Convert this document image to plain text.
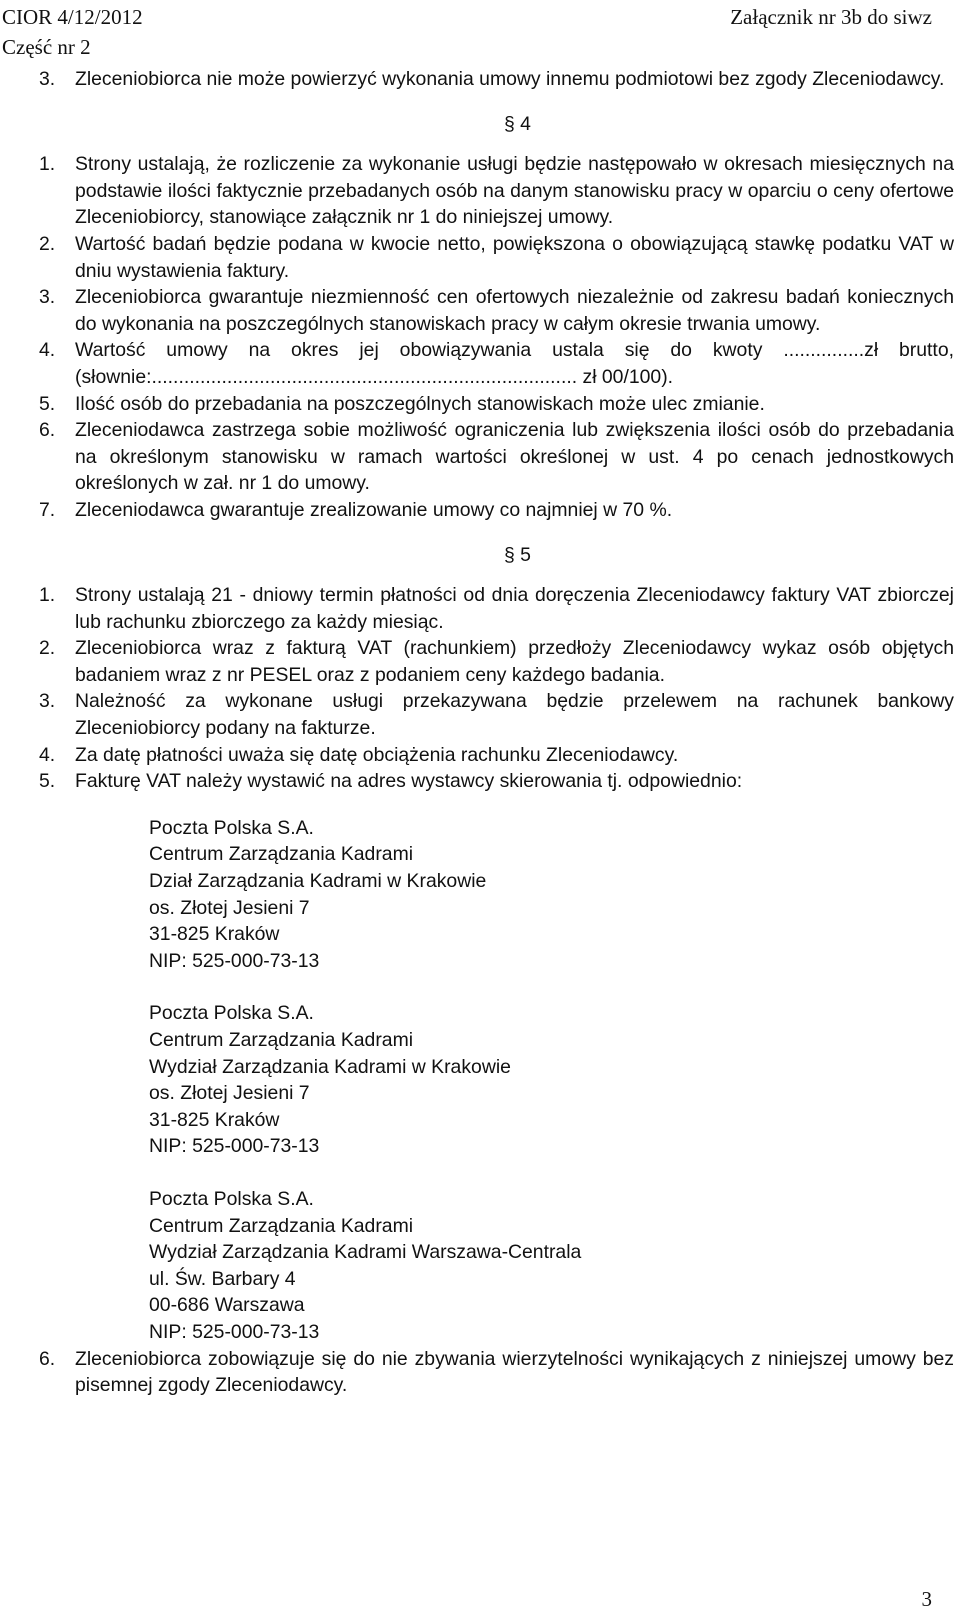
CIOR 4/12/2012
Część nr 2
Załącznik nr 3b do siwz
3. Zleceniobiorca nie może powierzyć wykonania umowy innemu podmiotowi bez zgody Zleceniodawcy.
§ 4
1. Strony ustalają, że rozliczenie za wykonanie usługi będzie następowało w okresach miesięcznych na podstawie ilości faktycznie przebadanych osób na danym stanowisku pracy w oparciu o ceny ofertowe Zleceniobiorcy, stanowiące załącznik nr 1 do niniejszej umowy.
2. Wartość badań będzie podana w kwocie netto, powiększona o obowiązującą stawkę podatku VAT w dniu wystawienia faktury.
3. Zleceniobiorca gwarantuje niezmienność cen ofertowych niezależnie od zakresu badań koniecznych do wykonania na poszczególnych stanowiskach pracy w całym okresie trwania umowy.
4. Wartość umowy na okres jej obowiązywania ustala się do kwoty ...............zł brutto, (słownie:............................................................................... zł 00/100).
5. Ilość osób do przebadania na poszczególnych stanowiskach może ulec zmianie.
6. Zleceniodawca zastrzega sobie możliwość ograniczenia lub zwiększenia ilości osób do przebadania na określonym stanowisku w ramach wartości określonej w ust. 4 po cenach jednostkowych określonych w zał. nr 1 do umowy.
7. Zleceniodawca gwarantuje zrealizowanie umowy co najmniej w 70 %.
§ 5
1. Strony ustalają 21 - dniowy termin płatności od dnia doręczenia Zleceniodawcy faktury VAT zbiorczej lub rachunku zbiorczego za każdy miesiąc.
2. Zleceniobiorca wraz z fakturą VAT (rachunkiem) przedłoży Zleceniodawcy wykaz osób objętych badaniem wraz z nr PESEL oraz z podaniem ceny każdego badania.
3. Należność za wykonane usługi przekazywana będzie przelewem na rachunek bankowy Zleceniobiorcy podany na fakturze.
4. Za datę płatności uważa się datę obciążenia rachunku Zleceniodawcy.
5. Fakturę VAT należy wystawić na adres wystawcy skierowania tj. odpowiednio:
Poczta Polska S.A.
Centrum Zarządzania Kadrami
Dział Zarządzania Kadrami w Krakowie
os. Złotej Jesieni 7
31-825 Kraków
NIP: 525-000-73-13
Poczta Polska S.A.
Centrum Zarządzania Kadrami
Wydział Zarządzania Kadrami w Krakowie
os. Złotej Jesieni 7
31-825 Kraków
NIP: 525-000-73-13
Poczta Polska S.A.
Centrum Zarządzania Kadrami
Wydział Zarządzania Kadrami Warszawa-Centrala
ul. Św. Barbary 4
00-686 Warszawa
NIP: 525-000-73-13
6. Zleceniobiorca zobowiązuje się do nie zbywania wierzytelności wynikających z niniejszej umowy bez pisemnej zgody Zleceniodawcy.
3
